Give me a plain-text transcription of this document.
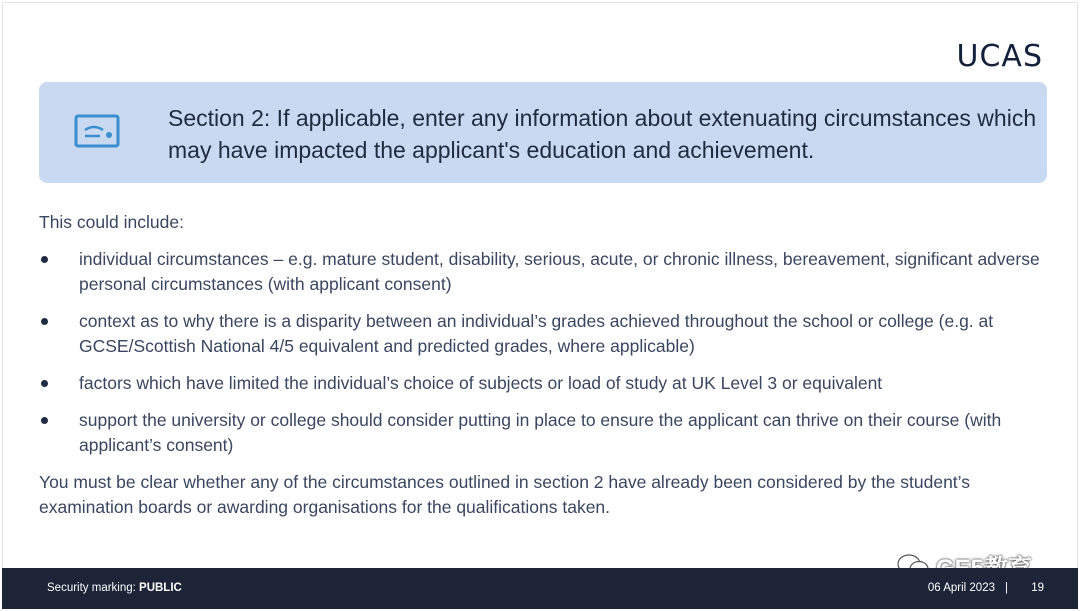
UCAS
Section 2: If applicable, enter any information about extenuating circumstances which may have impacted the applicant's education and achievement.

This could include:

individual circumstances – e.g. mature student, disability, serious, acute, or chronic illness, bereavement, significant adverse personal circumstances (with applicant consent)
context as to why there is a disparity between an individual’s grades achieved throughout the school or college (e.g. at GCSE/Scottish National 4/5 equivalent and predicted grades, where applicable)
factors which have limited the individual’s choice of subjects or load of study at UK Level 3 or equivalent
support the university or college should consider putting in place to ensure the applicant can thrive on their course (with applicant’s consent)

You must be clear whether any of the circumstances outlined in section 2 have already been considered by the student’s examination boards or awarding organisations for the qualifications taken.

Security marking: PUBLIC	06 April 2023 |	19
